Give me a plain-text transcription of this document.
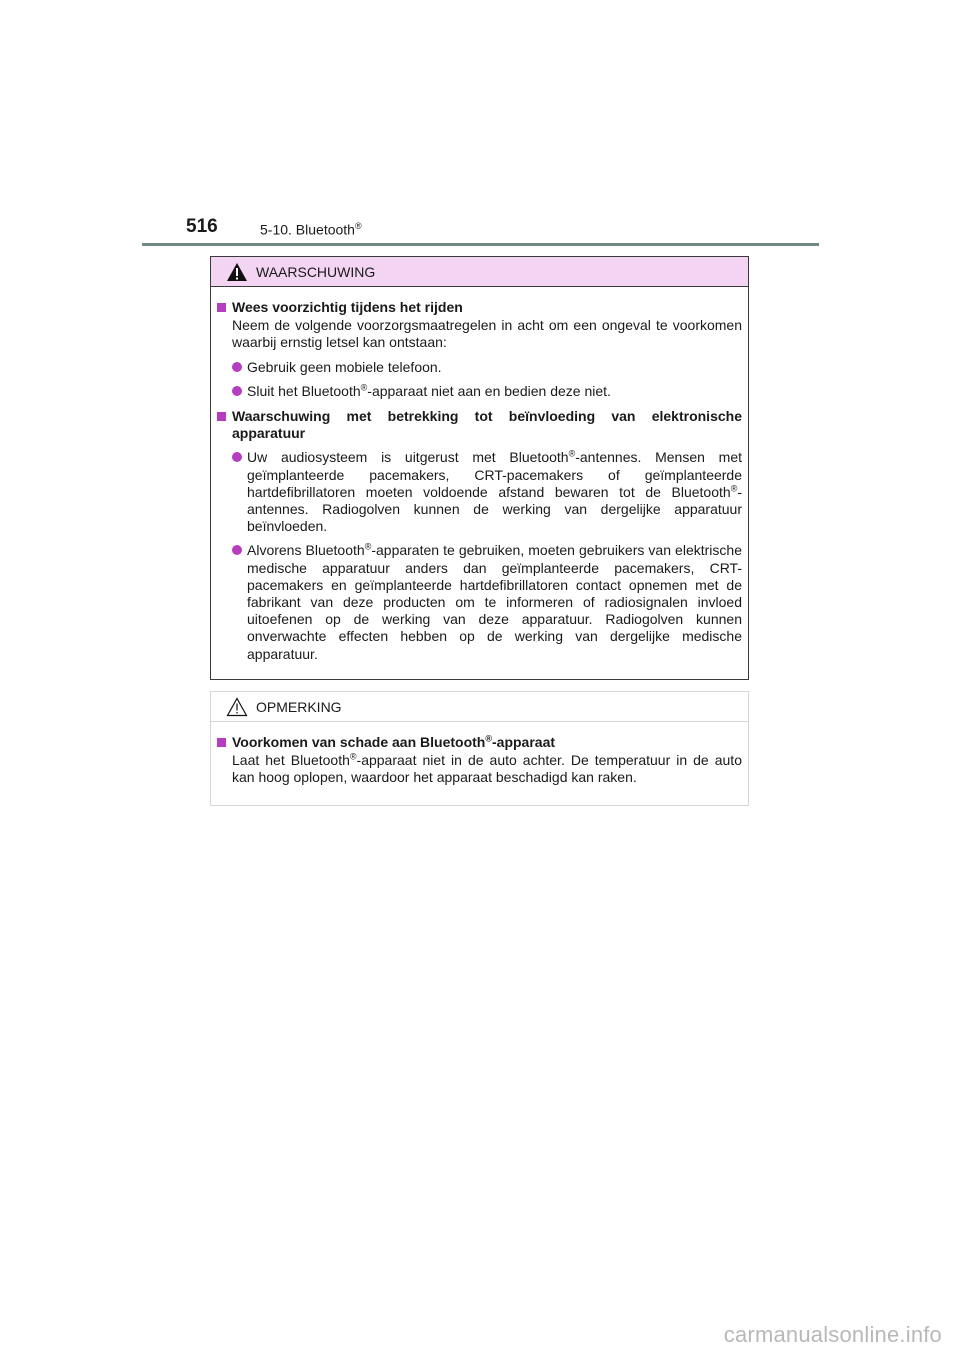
516	5-10. Bluetooth®
WAARSCHUWING
Wees voorzichtig tijdens het rijden
Neem de volgende voorzorgsmaatregelen in acht om een ongeval te voorkomen waarbij ernstig letsel kan ontstaan:
Gebruik geen mobiele telefoon.
Sluit het Bluetooth®-apparaat niet aan en bedien deze niet.
Waarschuwing met betrekking tot beïnvloeding van elektronische apparatuur
Uw audiosysteem is uitgerust met Bluetooth®-antennes. Mensen met geïmplanteerde pacemakers, CRT-pacemakers of geïmplanteerde hartdefibrillatoren moeten voldoende afstand bewaren tot de Bluetooth®-antennes. Radiogolven kunnen de werking van dergelijke apparatuur beïnvloeden.
Alvorens Bluetooth®-apparaten te gebruiken, moeten gebruikers van elektrische medische apparatuur anders dan geïmplanteerde pacemakers, CRT-pacemakers en geïmplanteerde hartdefibrillatoren contact opnemen met de fabrikant van deze producten om te informeren of radiosignalen invloed uitoefenen op de werking van deze apparatuur. Radiogolven kunnen onverwachte effecten hebben op de werking van dergelijke medische apparatuur.
OPMERKING
Voorkomen van schade aan Bluetooth®-apparaat
Laat het Bluetooth®-apparaat niet in de auto achter. De temperatuur in de auto kan hoog oplopen, waardoor het apparaat beschadigd kan raken.
carmanualsonline.info
